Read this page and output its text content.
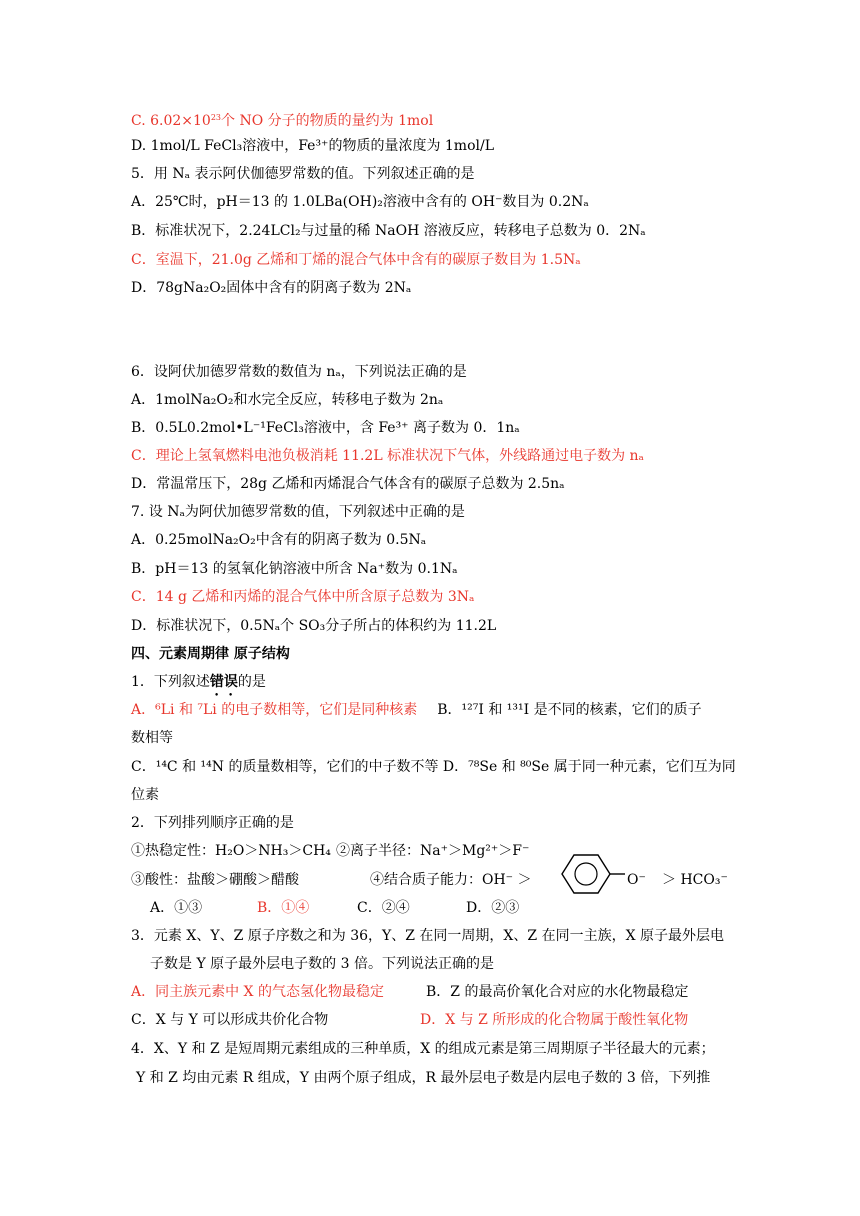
C. $6.02\times 10^{23}$个 NO 分子的物质的量约为 1mol
D. 1mol/L FeCl₃溶液中，Fe³⁺的物质的量浓度为 1mol/L
5．用 Nₐ 表示阿伏伽德罗常数的值。下列叙述正确的是
A．25℃时，pH＝13 的 1.0LBa(OH)₂溶液中含有的 OH⁻数目为 0.2Nₐ
B．标准状况下，2.24LCl₂与过量的稀 NaOH 溶液反应，转移电子总数为 0．2Nₐ
C．室温下，21.0g 乙烯和丁烯的混合气体中含有的碳原子数目为 1.5Nₐ
D．78gNa₂O₂固体中含有的阴离子数为 2Nₐ
6．设阿伏加德罗常数的数值为 nₐ，下列说法正确的是
A．1molNa₂O₂和水完全反应，转移电子数为 2nₐ
B．0.5L0.2mol•L⁻¹FeCl₃溶液中，含 Fe³⁺ 离子数为 0．1nₐ
C．理论上氢氧燃料电池负极消耗 11.2L 标准状况下气体，外线路通过电子数为 nₐ
D．常温常压下，28g 乙烯和丙烯混合气体含有的碳原子总数为 2.5nₐ
7. 设 Nₐ为阿伏加德罗常数的值，下列叙述中正确的是
A．0.25molNa₂O₂中含有的阴离子数为 0.5Nₐ
B．pH＝13 的氢氧化钠溶液中所含 Na⁺数为 0.1Nₐ
C．14 g 乙烯和丙烯的混合气体中所含原子总数为 3Nₐ
D．标准状况下，0.5Nₐ个 SO₃分子所占的体积约为 11.2L
四、元素周期律 原子结构
1．下列叙述错误的是
A．⁶Li 和 ⁷Li 的电子数相等，它们是同种核素 B．¹²⁷I 和 ¹³¹I 是不同的核素，它们的质子
数相等
C．¹⁴C 和 ¹⁴N 的质量数相等，它们的中子数不等 D．⁷⁸Se 和 ⁸⁰Se 属于同一种元素，它们互为同
位素
2．下列排列顺序正确的是
①热稳定性：H₂O＞NH₃＞CH₄ ②离子半径：Na⁺＞Mg²⁺＞F⁻
③酸性：盐酸＞硼酸＞醋酸	④结合质子能力：OH⁻ ＞	O⁻ ＞ HCO₃⁻
A．①③	B．①④	C．②④	D．②③
3．元素 X、Y、Z 原子序数之和为 36，Y、Z 在同一周期，X、Z 在同一主族，X 原子最外层电
子数是 Y 原子最外层电子数的 3 倍。下列说法正确的是
A．同主族元素中 X 的气态氢化物最稳定	B．Z 的最高价氧化合对应的水化物最稳定
C．X 与 Y 可以形成共价化合物	D．X 与 Z 所形成的化合物属于酸性氧化物
4．X、Y 和 Z 是短周期元素组成的三种单质，X 的组成元素是第三周期原子半径最大的元素；
Y 和 Z 均由元素 R 组成，Y 由两个原子组成，R 最外层电子数是内层电子数的 3 倍，下列推
